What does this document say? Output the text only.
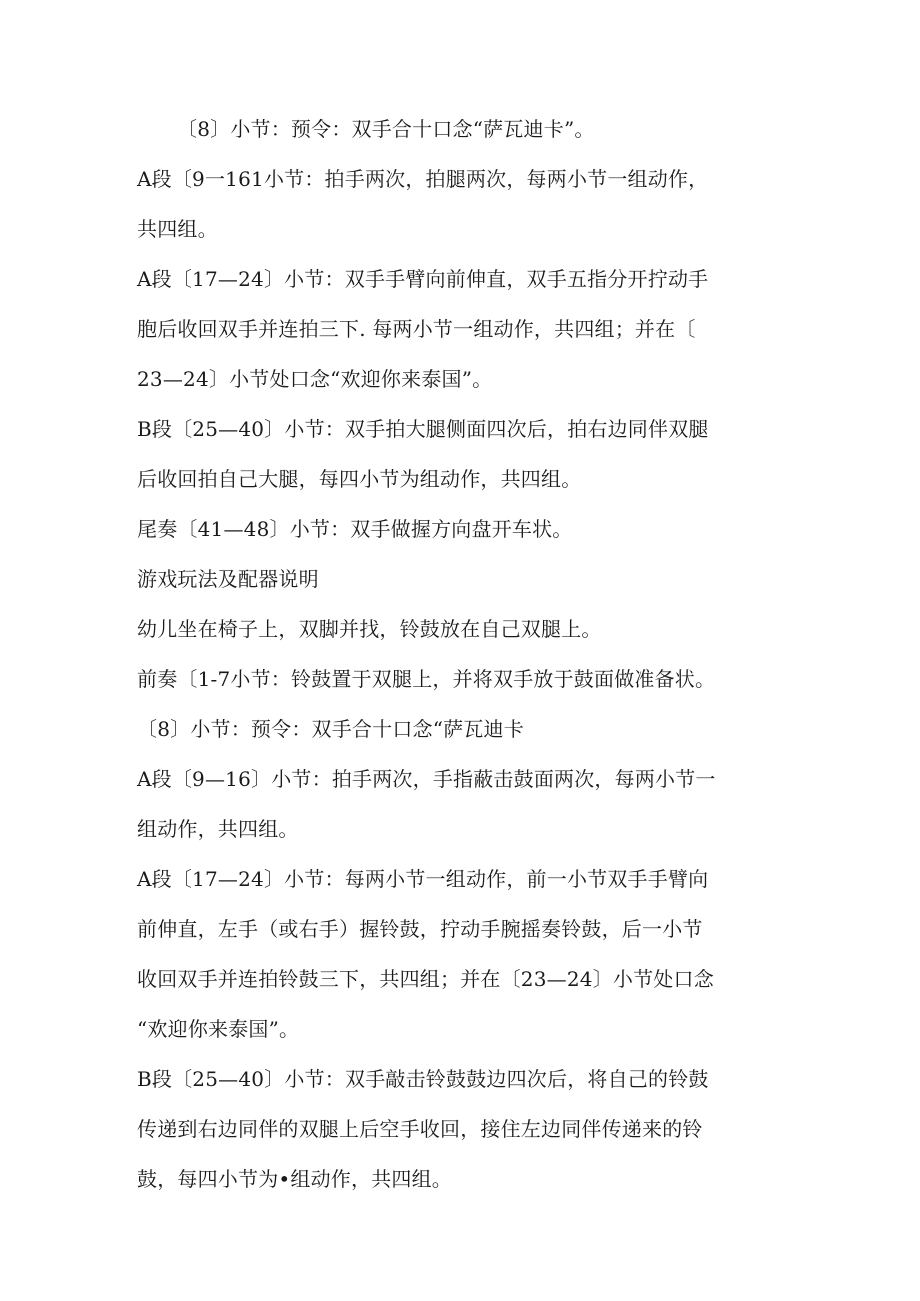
〔8〕小节：预令：双手合十口念“萨瓦迪卡”。

A段〔9一161小节：拍手两次，拍腿两次，每两小节一组动作，

共四组。

A段〔17—24〕小节：双手手臂向前伸直，双手五指分开拧动手

胞后收回双手并连拍三下. 每两小节一组动作，共四组；并在〔

23—24〕小节处口念“欢迎你来泰国”。

B段〔25—40〕小节：双手拍大腿侧面四次后，拍右边同伴双腿

后收回拍自己大腿，每四小节为组动作，共四组。

尾奏〔41—48〕小节：双手做握方向盘开车状。

游戏玩法及配器说明

幼儿坐在椅子上，双脚并找，铃鼓放在自己双腿上。

前奏〔1-7小节：铃鼓置于双腿上，并将双手放于鼓面做准备状。

〔8〕小节：预令：双手合十口念“萨瓦迪卡

A段〔9—16〕小节：拍手两次，手指蔽击鼓面两次，每两小节一

组动作，共四组。

A段〔17—24〕小节：每两小节一组动作，前一小节双手手臂向

前伸直，左手（或右手）握铃鼓，拧动手腕摇奏铃鼓，后一小节

收回双手并连拍铃鼓三下，共四组；并在〔23—24〕小节处口念

“欢迎你来泰国”。

B段〔25—40〕小节：双手敲击铃鼓鼓边四次后，将自己的铃鼓

传递到右边同伴的双腿上后空手收回，接住左边同伴传递来的铃

鼓，每四小节为•组动作，共四组。
